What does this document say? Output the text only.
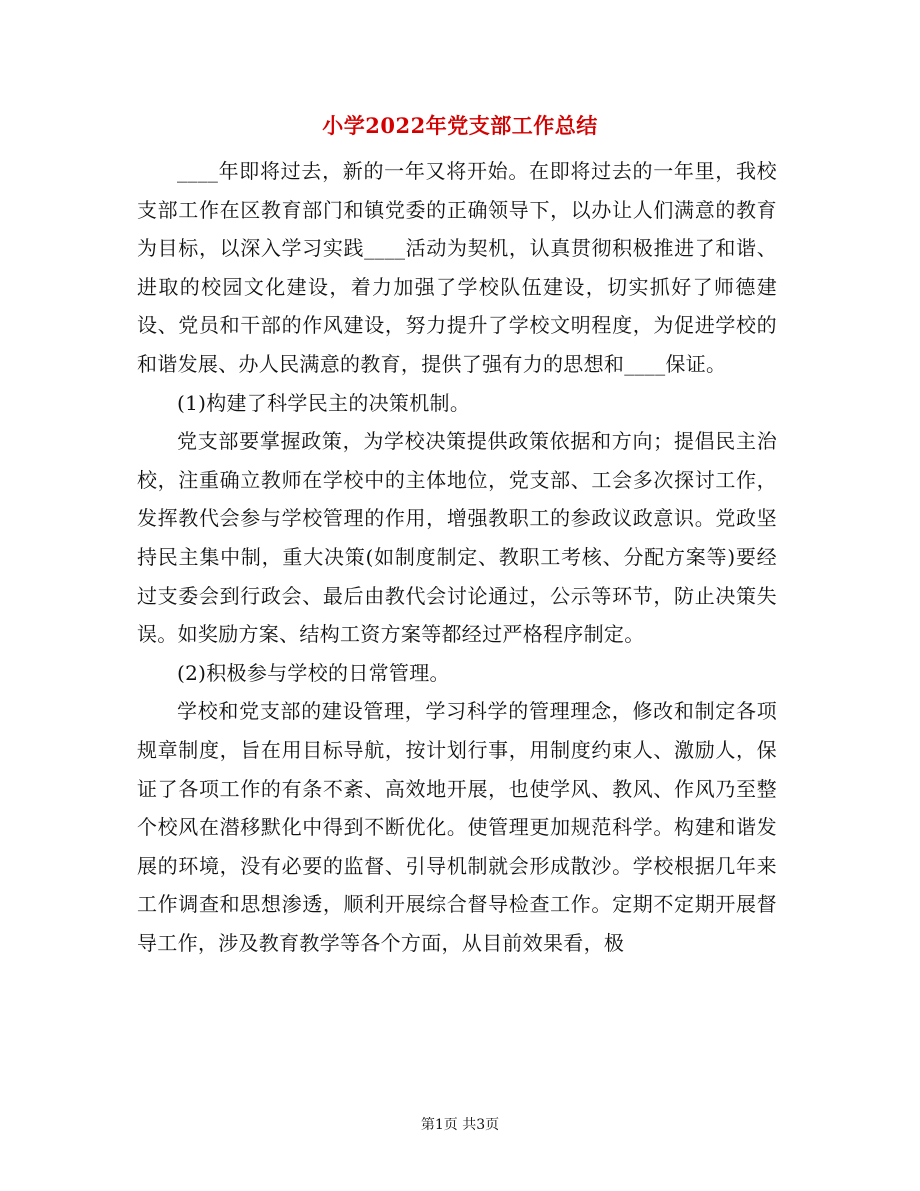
小学2022年党支部工作总结

____年即将过去，新的一年又将开始。在即将过去的一年里，我校支部工作在区教育部门和镇党委的正确领导下，以办让人们满意的教育为目标，以深入学习实践____活动为契机，认真贯彻积极推进了和谐、进取的校园文化建设，着力加强了学校队伍建设，切实抓好了师德建设、党员和干部的作风建设，努力提升了学校文明程度，为促进学校的和谐发展、办人民满意的教育，提供了强有力的思想和____保证。

(1)构建了科学民主的决策机制。

党支部要掌握政策，为学校决策提供政策依据和方向；提倡民主治校，注重确立教师在学校中的主体地位，党支部、工会多次探讨工作，发挥教代会参与学校管理的作用，增强教职工的参政议政意识。党政坚持民主集中制，重大决策(如制度制定、教职工考核、分配方案等)要经过支委会到行政会、最后由教代会讨论通过，公示等环节，防止决策失误。如奖励方案、结构工资方案等都经过严格程序制定。

(2)积极参与学校的日常管理。

学校和党支部的建设管理，学习科学的管理理念，修改和制定各项规章制度，旨在用目标导航，按计划行事，用制度约束人、激励人，保证了各项工作的有条不紊、高效地开展，也使学风、教风、作风乃至整个校风在潜移默化中得到不断优化。使管理更加规范科学。构建和谐发展的环境，没有必要的监督、引导机制就会形成散沙。学校根据几年来工作调查和思想渗透，顺利开展综合督导检查工作。定期不定期开展督导工作，涉及教育教学等各个方面，从目前效果看，极

第1页 共3页
